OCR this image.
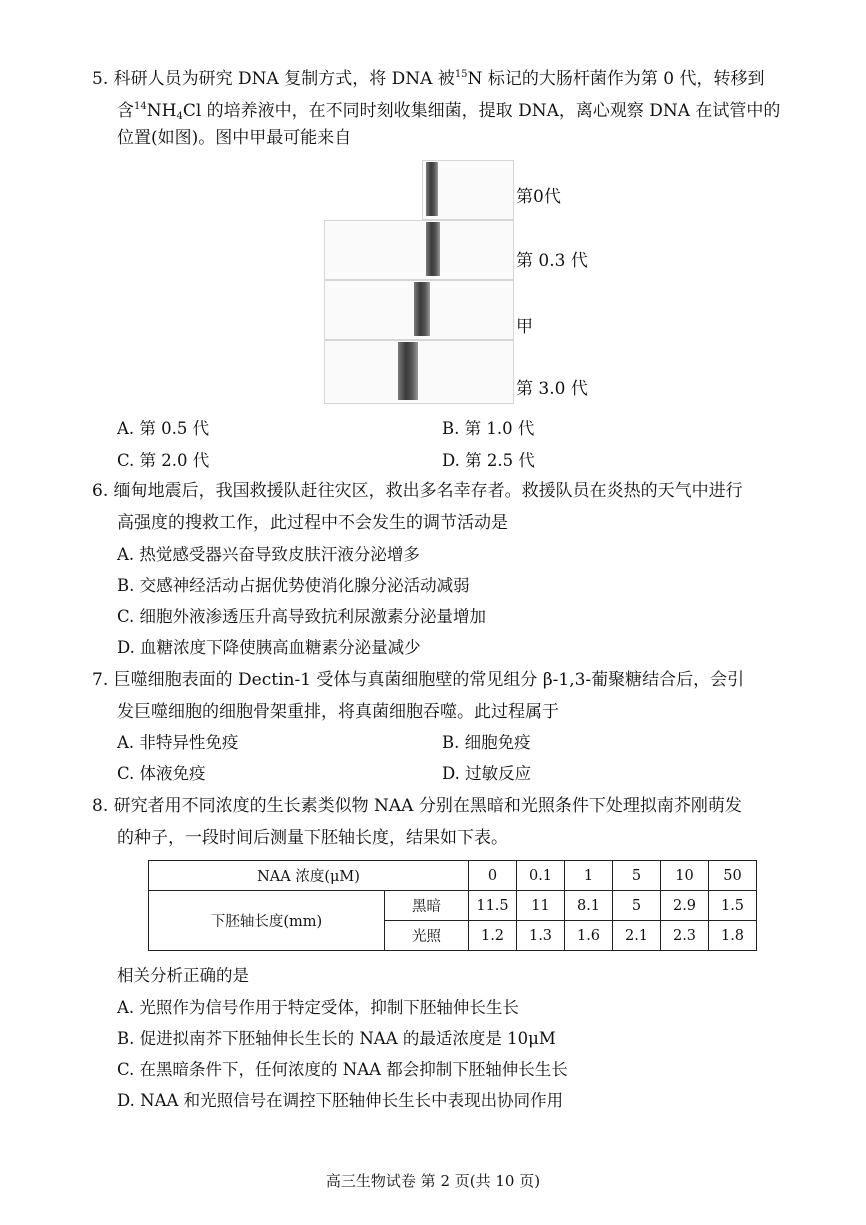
5. 科研人员为研究 DNA 复制方式，将 DNA 被$^{15}$N 标记的大肠杆菌作为第 0 代，转移到
含$^{14}NH_4Cl$ 的培养液中，在不同时刻收集细菌，提取 DNA，离心观察 DNA 在试管中的
位置(如图)。图中甲最可能来自
第0代
第 0.3 代
甲
第 3.0 代
A. 第 0.5 代	B. 第 1.0 代
C. 第 2.0 代	D. 第 2.5 代
6. 缅甸地震后，我国救援队赶往灾区，救出多名幸存者。救援队员在炎热的天气中进行
高强度的搜救工作，此过程中不会发生的调节活动是
A. 热觉感受器兴奋导致皮肤汗液分泌增多
B. 交感神经活动占据优势使消化腺分泌活动减弱
C. 细胞外液渗透压升高导致抗利尿激素分泌量增加
D. 血糖浓度下降使胰高血糖素分泌量减少
7. 巨噬细胞表面的 Dectin-1 受体与真菌细胞壁的常见组分 β-1,3-葡聚糖结合后，会引
发巨噬细胞的细胞骨架重排，将真菌细胞吞噬。此过程属于
A. 非特异性免疫	B. 细胞免疫
C. 体液免疫	D. 过敏反应
8. 研究者用不同浓度的生长素类似物 NAA 分别在黑暗和光照条件下处理拟南芥刚萌发
的种子，一段时间后测量下胚轴长度，结果如下表。
NAA 浓度(μM)		0	0.1	1	5	10	50
下胚轴长度(mm)	黑暗	11.5	11	8.1	5	2.9	1.5
	光照	1.2	1.3	1.6	2.1	2.3	1.8
相关分析正确的是
A. 光照作为信号作用于特定受体，抑制下胚轴伸长生长
B. 促进拟南芥下胚轴伸长生长的 NAA 的最适浓度是 10μM
C. 在黑暗条件下，任何浓度的 NAA 都会抑制下胚轴伸长生长
D. NAA 和光照信号在调控下胚轴伸长生长中表现出协同作用
高三生物试卷 第 2 页(共 10 页)
